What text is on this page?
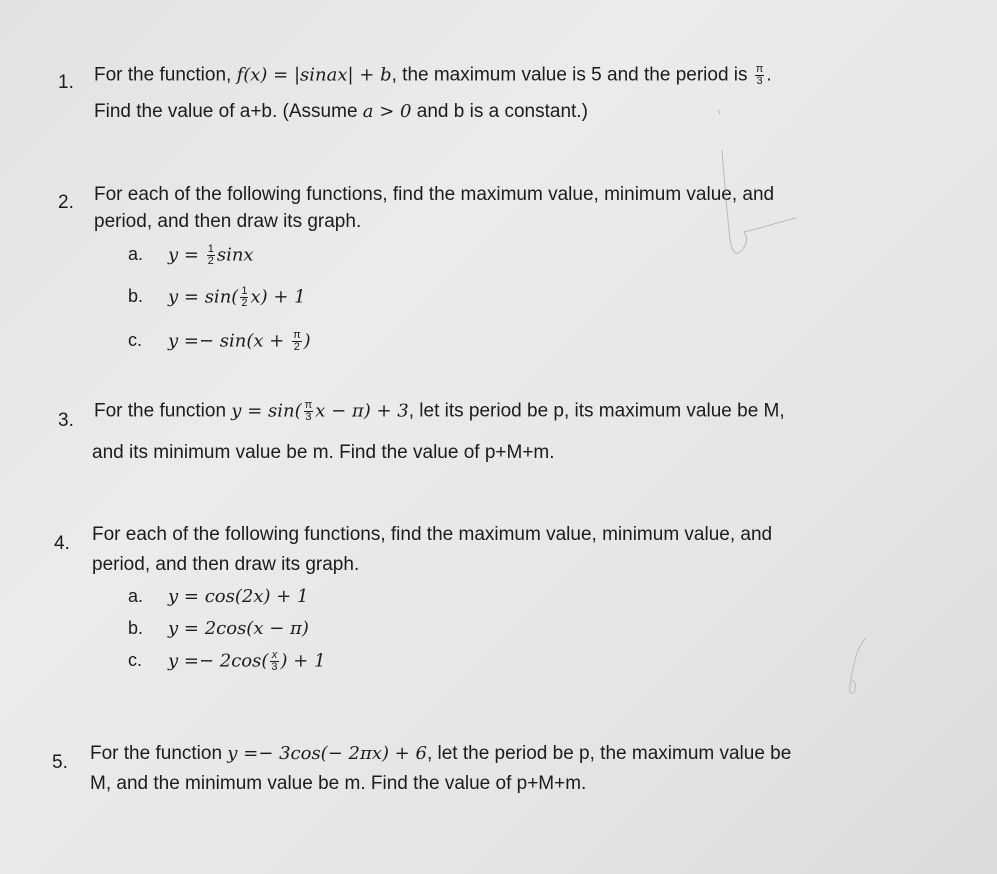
1. For the function, f(x) = |sinax| + b, the maximum value is 5 and the period is $\frac{\pi}{3}$ .
Find the value of a+b. (Assume a > 0 and b is a constant.)
2. For each of the following functions, find the maximum value, minimum value, and
period, and then draw its graph.
a. $y = \frac{1}{2}$ sinx
b. $y = \sin( \frac{1}{2} x) + 1$
c. $y =- \sin(x + \frac{\pi}{2}$ )
3. For the function $y = \sin( \frac{\pi}{3}$ x − π) + 3, let its period be p, its maximum value be M,
and its minimum value be m. Find the value of p+M+m.
4. For each of the following functions, find the maximum value, minimum value, and
period, and then draw its graph.
a. y = cos(2x) + 1
b. y = 2cos(x − π)
c. $y =- 2\cos( \frac{x}{3}$ ) + 1
5. For the function y =− 3cos(− 2πx) + 6, let the period be p, the maximum value be
M, and the minimum value be m. Find the value of p+M+m.
